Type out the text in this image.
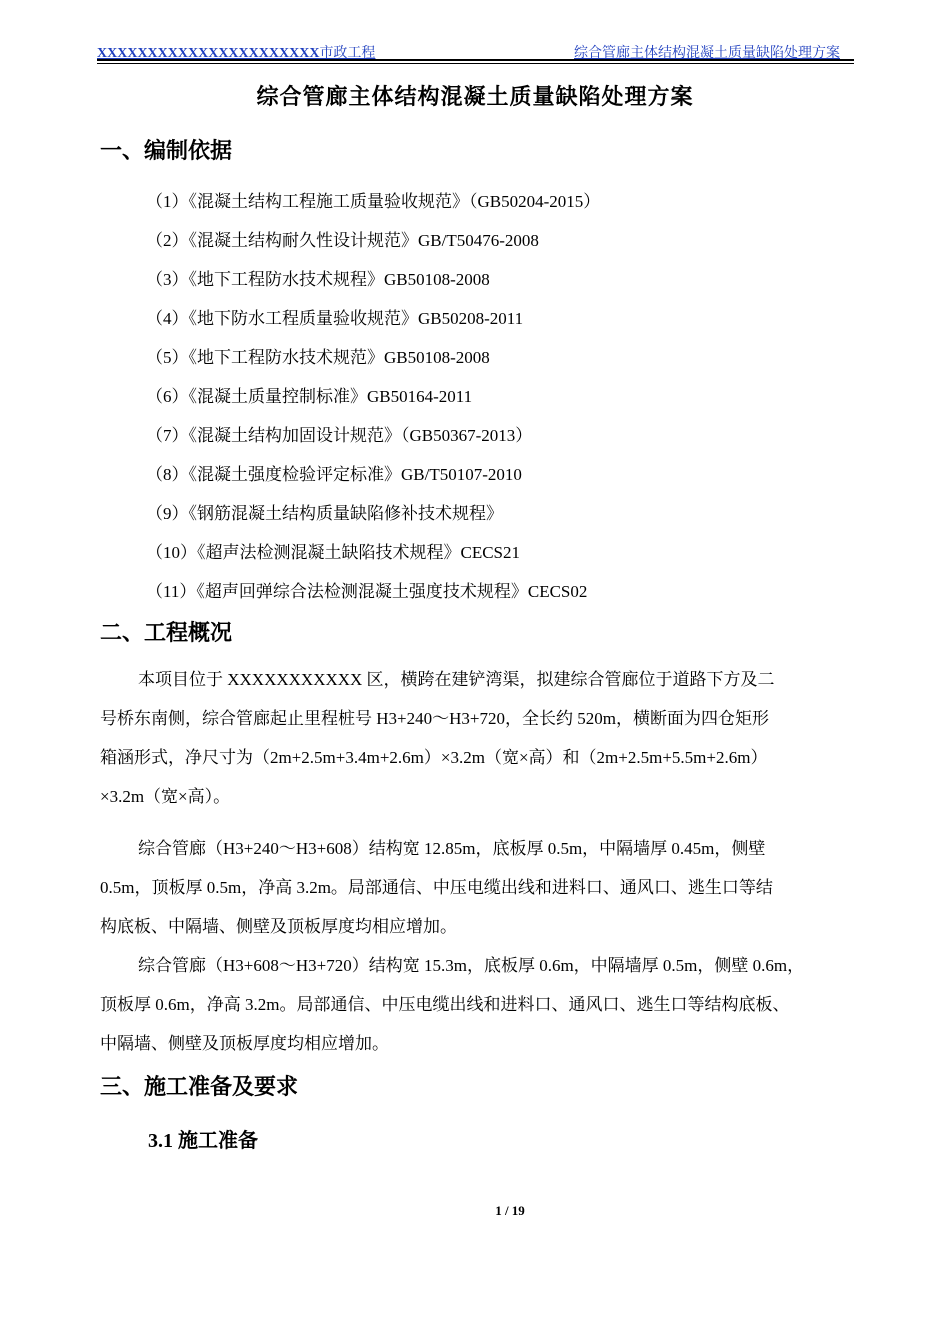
XXXXXXXXXXXXXXXXXXXXXX市政工程	综合管廊主体结构混凝土质量缺陷处理方案
综合管廊主体结构混凝土质量缺陷处理方案
一、编制依据
（1）《混凝土结构工程施工质量验收规范》（GB50204-2015）
（2）《混凝土结构耐久性设计规范》GB/T50476-2008
（3）《地下工程防水技术规程》GB50108-2008
（4）《地下防水工程质量验收规范》GB50208-2011
（5）《地下工程防水技术规范》GB50108-2008
（6）《混凝土质量控制标准》GB50164-2011
（7）《混凝土结构加固设计规范》（GB50367-2013）
（8）《混凝土强度检验评定标准》GB/T50107-2010
（9）《钢筋混凝土结构质量缺陷修补技术规程》
（10）《超声法检测混凝土缺陷技术规程》CECS21
（11）《超声回弹综合法检测混凝土强度技术规程》CECS02
二、工程概况
本项目位于 XXXXXXXXXXX 区，横跨在建铲湾渠，拟建综合管廊位于道路下方及二
号桥东南侧，综合管廊起止里程桩号 H3+240～H3+720，全长约 520m，横断面为四仓矩形
箱涵形式，净尺寸为（2m+2.5m+3.4m+2.6m）×3.2m（宽×高）和（2m+2.5m+5.5m+2.6m）
×3.2m（宽×高）。
综合管廊（H3+240～H3+608）结构宽 12.85m，底板厚 0.5m，中隔墙厚 0.45m，侧壁
0.5m，顶板厚 0.5m，净高 3.2m。局部通信、中压电缆出线和进料口、通风口、逃生口等结
构底板、中隔墙、侧壁及顶板厚度均相应增加。
综合管廊（H3+608～H3+720）结构宽 15.3m，底板厚 0.6m，中隔墙厚 0.5m，侧壁 0.6m，
顶板厚 0.6m，净高 3.2m。局部通信、中压电缆出线和进料口、通风口、逃生口等结构底板、
中隔墙、侧壁及顶板厚度均相应增加。
三、施工准备及要求
3.1 施工准备
1 / 19
